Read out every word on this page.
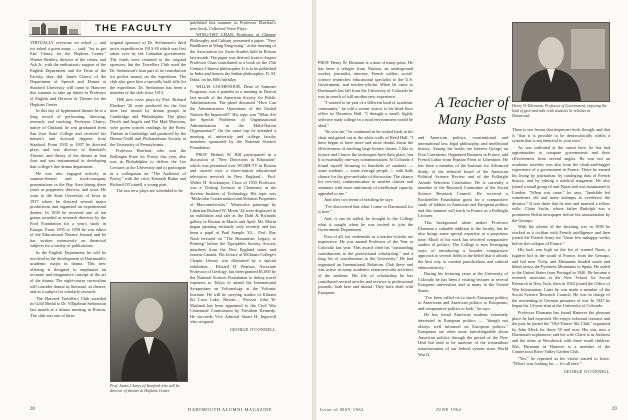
THE FACULTY

VIRTUALLY everyone we asked — and we asked a great many — said, "try to get Eric Clancy for the Hopkins Center." Warner Bentley, director of the center, and Ash Jr., with the enthusiastic support of the English Department and the Dean of the Faculty, they did. James Clancy of the Department of Speech and Drama at Stanford University will come to Hanover this summer to take up duties as Professor of English and Director of Theater for the Hopkins Center.

In this day of hyphenated theater he is a long record of performing, directing, research, and teaching. Professor Clancy, native of Oakland, he was graduated from San Jose State College and received his master's and doctoral degrees from Stanford. From 1935 to 1937 he directed plays and was director of Stanford's Theatre, and theory of the theater at San Jose and was instrumental in developing that college's fine drama department.

He was also engaged actively in summer-theater and stock-company presentations in the Bay Area during these years as puppeteer, director, and actor. He went to the State University of Iowa in 1937 where he directed several major productions and organized an experimental theater. In 1939 he received one of ten grants awarded as research directors by the Ford Foundation for a year's study in Europe. From 1955 to 1958 he was editor of the Educational Theatre Journal and he has written extensively on theatrical subjects for a variety of publications.

In the English Department he will be involved in the development of Dartmouth's academic major in drama. This new offering is designed to emphasize an accurate and imaginative concept of the art of the drama. The eight-course curriculum will consider drama as literature, as theater, and as a subject for scholarly research.

The Harvard Travellers Club awarded its Gold Medal to Dr. Vilhjalmur Stefansson last month at a dinner meeting in Boston. The club was one of three

original sponsors of Dr. Stefansson's third arctic expedition in 1913-18 which was first taken over by the Canadian government. The funds were returned to the original sponsors, but the Travellers Club used the Dr. Stefansson's loan part of its contribution for pocket money on the expedition. The club also gave him a specially built rifle for the expedition. Dr. Stefansson has been a member of the club since 1913.

THE new verse plays by Prof. Richard Eberhart '26 were produced for the first time last month by drama groups in Cambridge and Philadelphia. The plays Devils and Angels and The Mad Musician, were given concert readings by the Poets' Theatre in Cambridge and produced by the Drama Guild and Philomathean Society at the University of Pennsylvania.

Professor Eberhart, who won the Bollingen Prize for Poetry this year, also was in Philadelphia to deliver the Lee Lectures at the University and to participate in a colloquium on "The Audience of Poetry" with the critic Kenneth Burke and Richard O'Connell, a young poet.

The two new plays are scheduled to be

Prof. James Clancy of Stanford who will be director of theater at Hopkins Center.

published this summer in Professor Eberhart's new book, Collected Verse Plays.

WING-TSIT CHAN, Professor of Chinese Philosophy and Culture, presented a paper, "New Buddhism in Wang Yang-ming," at the meeting of the Association for Asian Studies held in Boston last month. The paper was derived from a chapter Professor Chan contributed to a book on the 15th Century Chinese philosopher. It is to be published in India and honors the Indian philosopher, D. M. Datta, on his 60th birthday.

WILLIS COCHENOUR, Dean of Summer Programs, was a panelist at a meeting in Detroit last month of the American Society for Public Administration. The panel discussed "How Can the Administrative Operations of the United Nations Be Improved?" His topic was "What Are the Special Problems of Organizational Administration in the Multi-Nation Organization?" On the same trip he attended a meeting of university and college faculty members sponsored by the National Science Foundation.

PROF. Herbert W. Hill participated in a discussion of "New Directions in Education" which was presented over WGBH-TV in Boston and carried over a three-station educational television network in New England.... Prof. Walter H. Stockmayer, Class of 1935 Professor, was a Visiting Lecturer in Chemistry at the Stevens Institute of Technology. His topic was "Molecular Conformation and Solution Properties of Macromolecules." Watercolor paintings by Librarian Richard W. Morin '24 were displayed in an exhibition and sale at the Dahl & Richards gallery in Boston in March and April. Mr. Morin began painting seriously only recently and has been a pupil of Paul Sample '20.... Prof. Ray Nash lectured on "The Humanistic Legacy to Printing" before the Typophiles Society. Society members from the New England states and eastern Canada. His lecture at Williams College's Chapin Library was illustrated by a special exhibition.... Edward H. Pearson, Associate Professor of Geology, has been granted $1,000 by the National Science Foundation to defray travel expenses to Tokyo to attend the International Symposium on Volcanology at the Volcanic Institute. He will be carrying studies of Kilauea Iki Lava Lake, Hawaii.... Provost John W. Masland has been appointed to the Civil War Centennial Commission by President Kennedy. He succeeds Vice Admiral Stuart H. Ingersoll who resigned.

GEORGE O'CONNELL
28	DARTMOUTH ALUMNI MAGAZINE

PROF. Henry W. Ehrmann is a man of many pasts. He has been a refugee from Nazism, an underground worker, journalist, attorney, French soldier, social-science researcher, educational specialist to the U.S. Government, and teacher-scholar. When he came to Dartmouth last fall from the University of Colorado he was in search of still another new experience.

"I wanted to be part of a different kind of academic community," he told a recent visitor to his third-floor office in Thornton Hall. "I thought a small, highly selective male college in a rural environment would be ideal."

"So you see," he continued as he rocked back in his chair and gazed out at the white walls of Reed Hall, "I have begun to have more and more doubts about the effectiveness of teaching large lecture classes. I like to lecture and I know the techniques have their place, but it is essentially one-way communication. At Colorado I found myself lecturing to hundreds of students — some students — some average people — with little chance for the give-and-take of discussion. The chance for two-way communication in smaller classes and seminars with more uniformity of intellectual capacity appealed to me."

And after two terms of teaching he says:

"I've discovered that what I came to Dartmouth for is here."

And, it can be added, he brought to the College what it sought when he was invited to join the Government Department.

First of all, his credentials as a teacher-scholar are impressive. He was named Professor of the Year at Colorado last year. This award cited his "outstanding contributions to the professional scholarship," and a long list of contributions to the University." He had organized an International Relations Club there and was active in many academic extracurricular activities of the students. His life of scholarship he has contributed several articles and reviews to professional journals, both here and abroad. They have dealt with European

A Teacher of Many Pasts
Henry W. Ehrmann, Professor of Government, enjoying the kind of give-and-take with students he relishes at Dartmouth.

and American politics, constitutional and international law, legal philosophy, and intellectual history. Among his books are Interest Groups on Four Continents, Organized Business in France, and French Labor from Popular Front to Liberation. He has been a member of the Institute for Advanced Study, of the editorial board of the American Political Science Review and of the Fulbright Awards Selection Committee. He is currently a member of the Research Committee of the Social Science Research Council. He received a Rockefeller Foundation grant for a comparative study of lobbies in American and European politics and this summer will teach in France as a Fulbright Lecturer.

This background alone makes Professor Ehrmann a valuable addition to the faculty, but he also brings some special expertise at a propitious time. Much of his work has involved comparative studies of politics. The College is now leveraging ways of introducing a broader comparative approach to several fields in the belief that it affords the best way to combat parochialism and cultural ethnocentricity.

During his lecturing years at the University of Colorado he has been a visiting lecturer at several European universities and at many in the United States.

"I've been called on to teach European politics to Americans and American politics to Europeans, and comparative politics to both," he says.

He has found American students extremely interested in European politics — "though not always well informed on European politics." Europeans are often more knowledgeable about American politics through the period of the New Deal but tend to be unaware of the tremendous transformation of our federal system since World War II.

There is one lesson that impresses both, though, and that is "that it is possible to be democratically within a system that is not identical to your own."

As was indicated at the outset here, he has had opportunities to compare governments and their effectiveness from several angles. He was not an academic traveler; was also from the cloak-and-dagger experience of a government in France. There he earned his living by journalism, by cataloging data of French history, and by editing a medical magazine. He also joined a small group of anti-Nazis and was summoned to London. "When war came," he says, "landslide led sometimes old and naïve attempts to overthrow the dictator." It was there that he met and married a fellow exile, Claire Sachs, whose father Rudolph was a prominent Berlin newspaper before his assassination by the Gestapo.

With the advent of the shooting war in 1939 he worked as a civilian with French intelligence and then joined the French Army for "those few unhappy weeks before the collapse of France."

His luck was high on the list of wanted Nazis, a fugitive hid in the south of France, from the Gestapo, and hid near Vichy and Ehrmanns headed south and hiked across the Pyrenees Mountains to Spain. He sailed to the United States from Portugal in 1940. He became a research associate at the New School for Social Research in New York, then in 1943 joined the Office of War Information. Later he was made a member of the Social Science Research Council. He was in charge of the reorienting of German prisoners of war. In 1947 he began his 14-year stint at the University of Colorado.

Professor Ehrmann has found Hanover the pleasant place he had expected. He enjoys informal contacts and the post he joined the "Old-Timers' Ski Club," organized by John Meck for those 50 and over. His son, now a Dartmouth sophomore, and his wife Claire is in Amherst and the other at Woodstock with three small children. Mrs. Ehrmann in Hanover is a member of the Connecticut River Valley Garden Club.

"Yes," he repeated as his visitor started to leave. "What I was looking for — it's all here."

GEORGE O'CONNELL
Issue of MAY 1962	JUNE 1962	29
